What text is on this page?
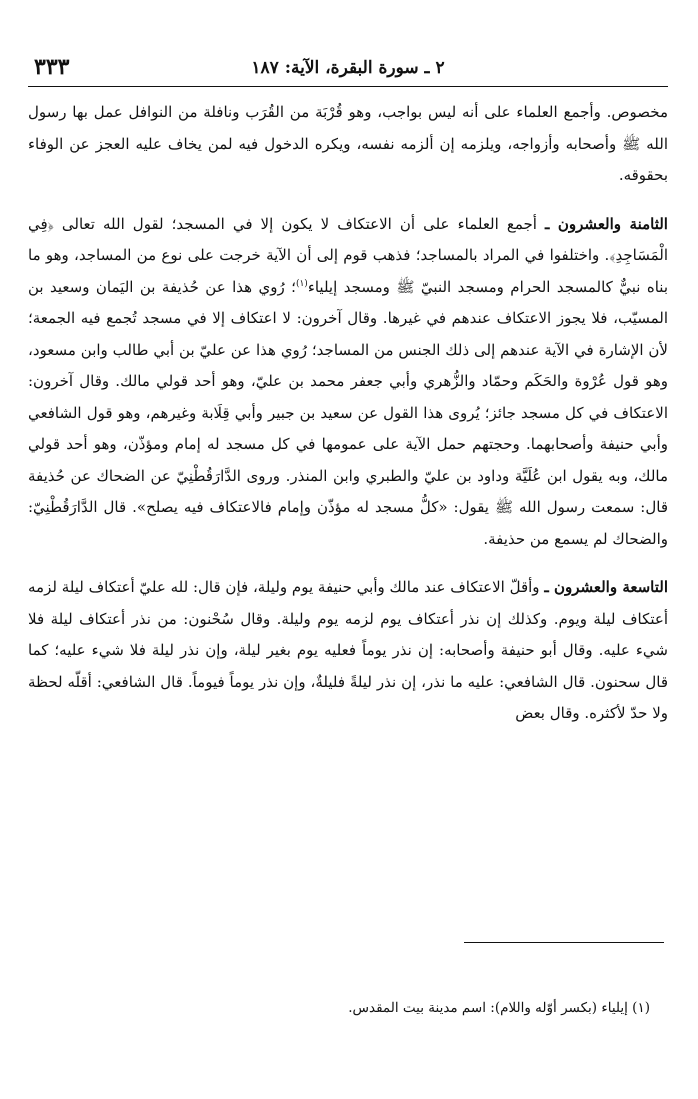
٢ ـ سورة البقرة، الآية: ١٨٧
٣٣٣

مخصوص. وأجمع العلماء على أنه ليس بواجب، وهو قُرْبَة من القُرَب ونافلة من النوافل عمل بها رسول الله ﷺ وأصحابه وأزواجه، ويلزمه إن ألزمه نفسه، ويكره الدخول فيه لمن يخاف عليه العجز عن الوفاء بحقوقه.

الثامنة والعشرون ـ أجمع العلماء على أن الاعتكاف لا يكون إلا في المسجد؛ لقول الله تعالى ﴿فِي الْمَسَاجِدِ﴾. واختلفوا في المراد بالمساجد؛ فذهب قوم إلى أن الآية خرجت على نوع من المساجد، وهو ما بناه نبيٌّ كالمسجد الحرام ومسجد النبيّ ﷺ ومسجد إيلياء$^{(١)}$؛ رُوي هذا عن حُذيفة بن اليَمان وسعيد بن المسيّب، فلا يجوز الاعتكاف عندهم في غيرها. وقال آخرون: لا اعتكاف إلا في مسجد تُجمع فيه الجمعة؛ لأن الإشارة في الآية عندهم إلى ذلك الجنس من المساجد؛ رُوي هذا عن عليّ بن أبي طالب وابن مسعود، وهو قول عُرْوة والحَكَم وحمّاد والزُّهري وأبي جعفر محمد بن عليّ، وهو أحد قولي مالك. وقال آخرون: الاعتكاف في كل مسجد جائز؛ يُروى هذا القول عن سعيد بن جبير وأبي قِلَابة وغيرهم، وهو قول الشافعي وأبي حنيفة وأصحابهما. وحجتهم حمل الآية على عمومها في كل مسجد له إمام ومؤذّن، وهو أحد قولي مالك، وبه يقول ابن عُلَيَّة وداود بن عليّ والطبري وابن المنذر. وروى الدَّارَقُطْنِيّ عن الضحاك عن حُذيفة قال: سمعت رسول الله ﷺ يقول: «كلُّ مسجد له مؤذّن وإمام فالاعتكاف فيه يصلح». قال الدَّارَقُطْنِيّ: والضحاك لم يسمع من حذيفة.

التاسعة والعشرون ـ وأقلّ الاعتكاف عند مالك وأبي حنيفة يوم وليلة، فإن قال: لله عليّ أعتكاف ليلة لزمه أعتكاف ليلة ويوم. وكذلك إن نذر أعتكاف يوم لزمه يوم وليلة. وقال سُحْنون: من نذر أعتكاف ليلة فلا شيء عليه. وقال أبو حنيفة وأصحابه: إن نذر يوماً فعليه يوم بغير ليلة، وإن نذر ليلة فلا شيء عليه؛ كما قال سحنون. قال الشافعي: عليه ما نذر، إن نذر ليلةً فليلةٌ، وإن نذر يوماً فيوماً. قال الشافعي: أقلّه لحظة ولا حدّ لأكثره. وقال بعض

(١) إيلياء (بكسر أوّله واللام): اسم مدينة بيت المقدس.
